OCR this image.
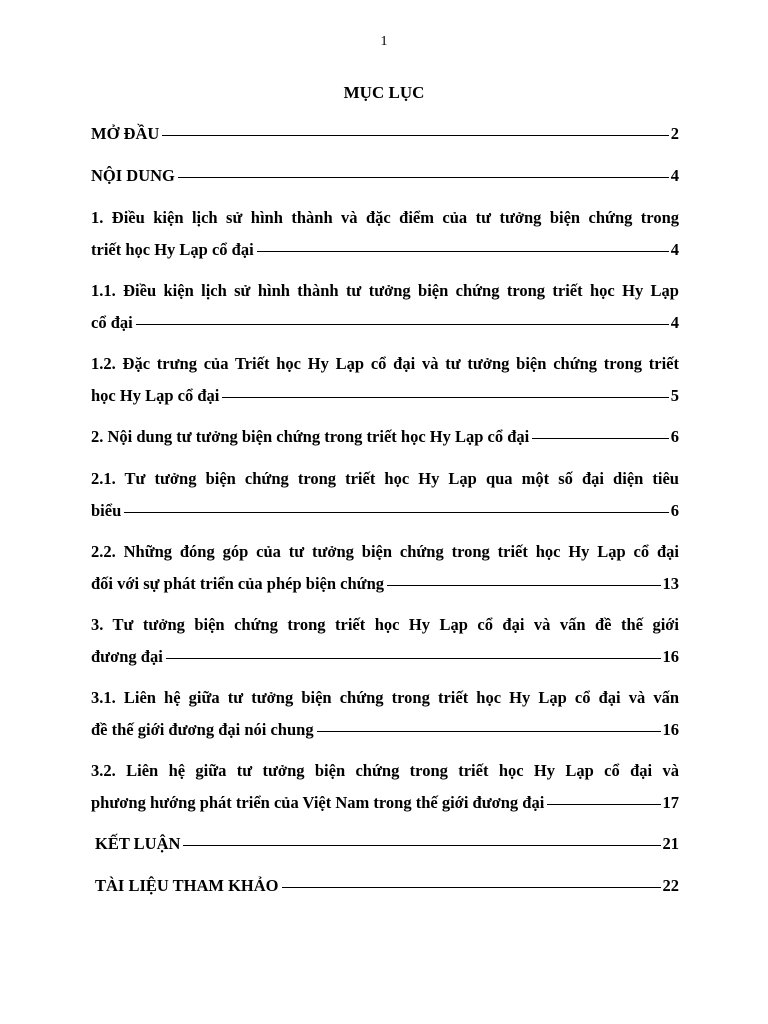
1
MỤC LỤC
MỞ ĐẦU	2
NỘI DUNG	4
1. Điều kiện lịch sử hình thành và đặc điểm của tư tưởng biện chứng trong
triết học Hy Lạp cổ đại	4
1.1. Điều kiện lịch sử hình thành tư tưởng biện chứng trong triết học Hy Lạp
cổ đại	4
1.2. Đặc trưng của Triết học Hy Lạp cổ đại và tư tưởng biện chứng trong triết
học Hy Lạp cổ đại	5
2. Nội dung tư tưởng biện chứng trong triết học Hy Lạp cổ đại	6
2.1. Tư tưởng biện chứng trong triết học Hy Lạp qua một số đại diện tiêu
biểu	6
2.2. Những đóng góp của tư tưởng biện chứng trong triết học Hy Lạp cổ đại
đối với sự phát triển của phép biện chứng	13
3. Tư tưởng biện chứng trong triết học Hy Lạp cổ đại và vấn đề thế giới
đương đại	16
3.1. Liên hệ giữa tư tưởng biện chứng trong triết học Hy Lạp cổ đại và vấn
đề thế giới đương đại nói chung	16
3.2. Liên hệ giữa tư tưởng biện chứng trong triết học Hy Lạp cổ đại và
phương hướng phát triển của Việt Nam trong thế giới đương đại	17
KẾT LUẬN	21
TÀI LIỆU THAM KHẢO	22
